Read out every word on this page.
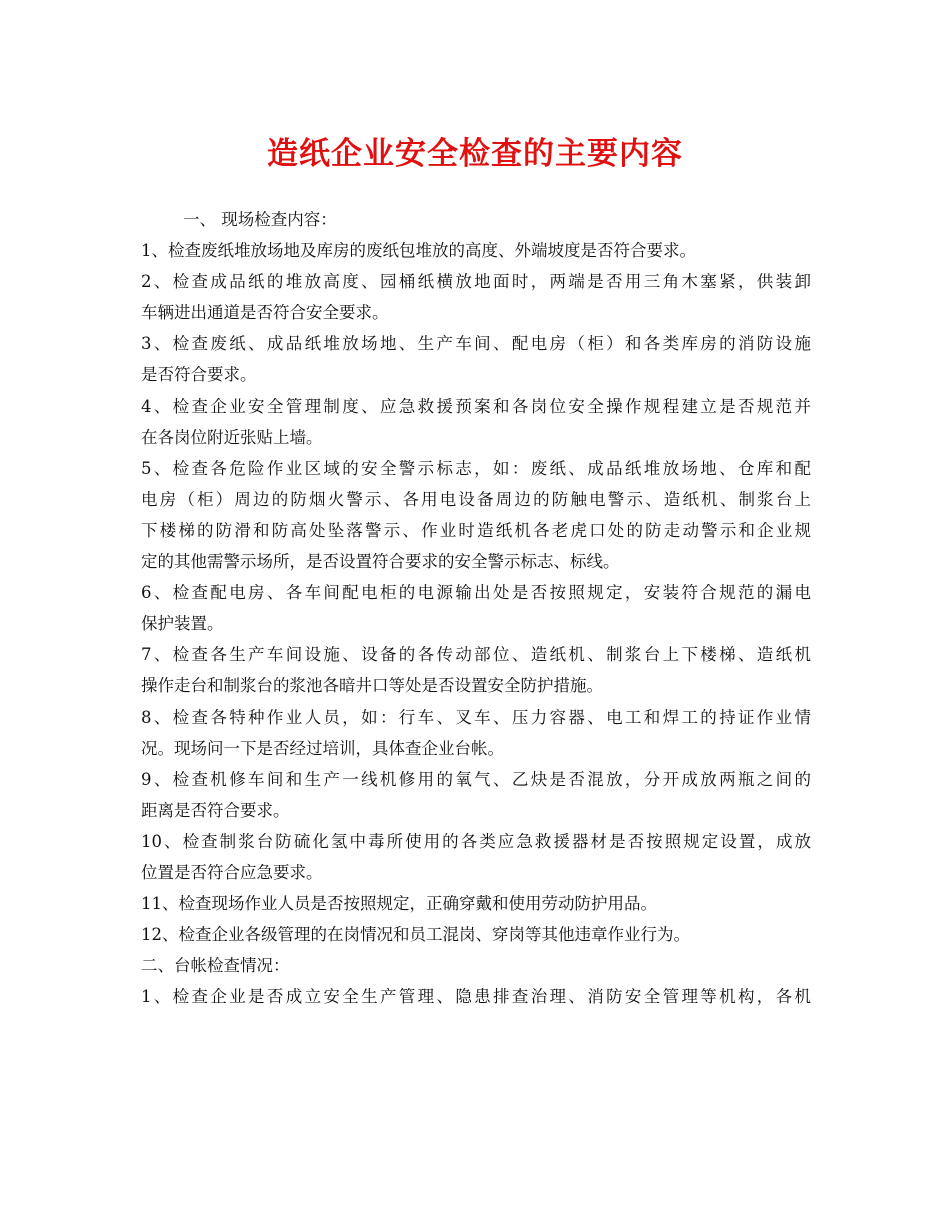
造纸企业安全检查的主要内容
一、 现场检查内容：
1、检查废纸堆放场地及库房的废纸包堆放的高度、外端坡度是否符合要求。
2、检查成品纸的堆放高度、园桶纸横放地面时，两端是否用三角木塞紧，供装卸
车辆进出通道是否符合安全要求。
3、检查废纸、成品纸堆放场地、生产车间、配电房（柜）和各类库房的消防设施
是否符合要求。
4、检查企业安全管理制度、应急救援预案和各岗位安全操作规程建立是否规范并
在各岗位附近张贴上墙。
5、检查各危险作业区域的安全警示标志，如：废纸、成品纸堆放场地、仓库和配
电房（柜）周边的防烟火警示、各用电设备周边的防触电警示、造纸机、制浆台上
下楼梯的防滑和防高处坠落警示、作业时造纸机各老虎口处的防走动警示和企业规
定的其他需警示场所，是否设置符合要求的安全警示标志、标线。
6、检查配电房、各车间配电柜的电源输出处是否按照规定，安装符合规范的漏电
保护装置。
7、检查各生产车间设施、设备的各传动部位、造纸机、制浆台上下楼梯、造纸机
操作走台和制浆台的浆池各暗井口等处是否设置安全防护措施。
8、检查各特种作业人员，如：行车、叉车、压力容器、电工和焊工的持证作业情
况。现场问一下是否经过培训，具体查企业台帐。
9、检查机修车间和生产一线机修用的氧气、乙炔是否混放，分开成放两瓶之间的
距离是否符合要求。
10、检查制浆台防硫化氢中毒所使用的各类应急救援器材是否按照规定设置，成放
位置是否符合应急要求。
11、检查现场作业人员是否按照规定，正确穿戴和使用劳动防护用品。
12、检查企业各级管理的在岗情况和员工混岗、穿岗等其他违章作业行为。
二、台帐检查情况：
1、检查企业是否成立安全生产管理、隐患排查治理、消防安全管理等机构，各机
